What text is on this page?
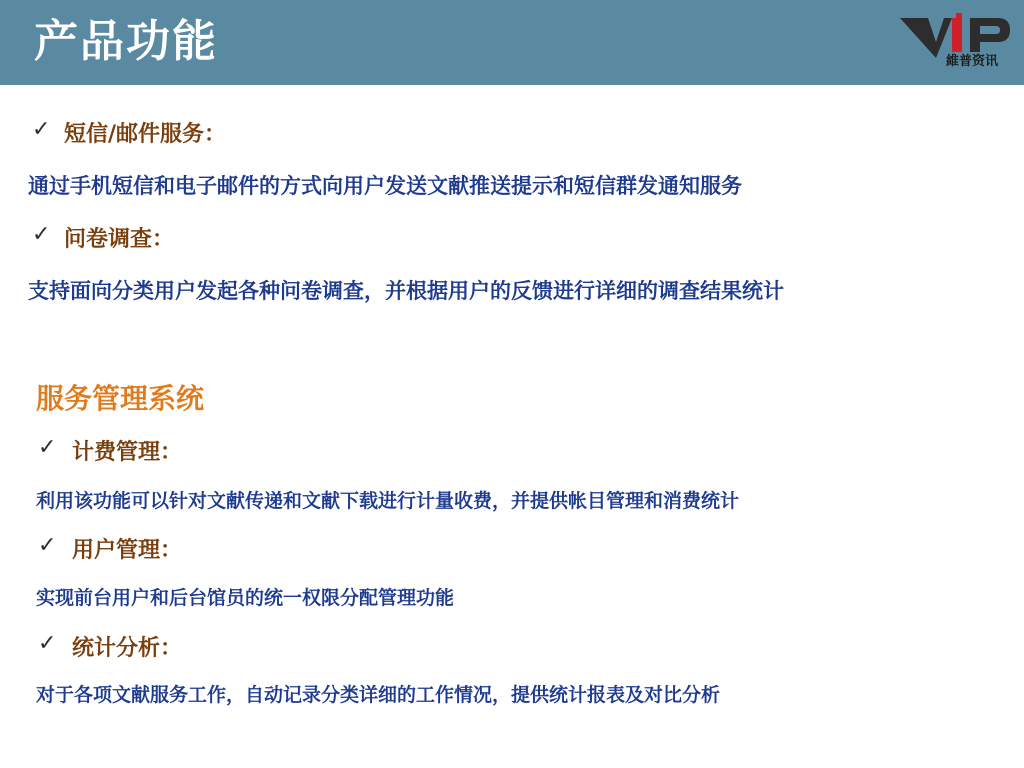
产品功能	維普资讯
✓ 短信/邮件服务：
通过手机短信和电子邮件的方式向用户发送文献推送提示和短信群发通知服务
✓ 问卷调查：
支持面向分类用户发起各种问卷调查，并根据用户的反馈进行详细的调查结果统计
服务管理系统
✓ 计费管理：
利用该功能可以针对文献传递和文献下载进行计量收费，并提供帐目管理和消费统计
✓ 用户管理：
实现前台用户和后台馆员的统一权限分配管理功能
✓ 统计分析：
对于各项文献服务工作，自动记录分类详细的工作情况，提供统计报表及对比分析
